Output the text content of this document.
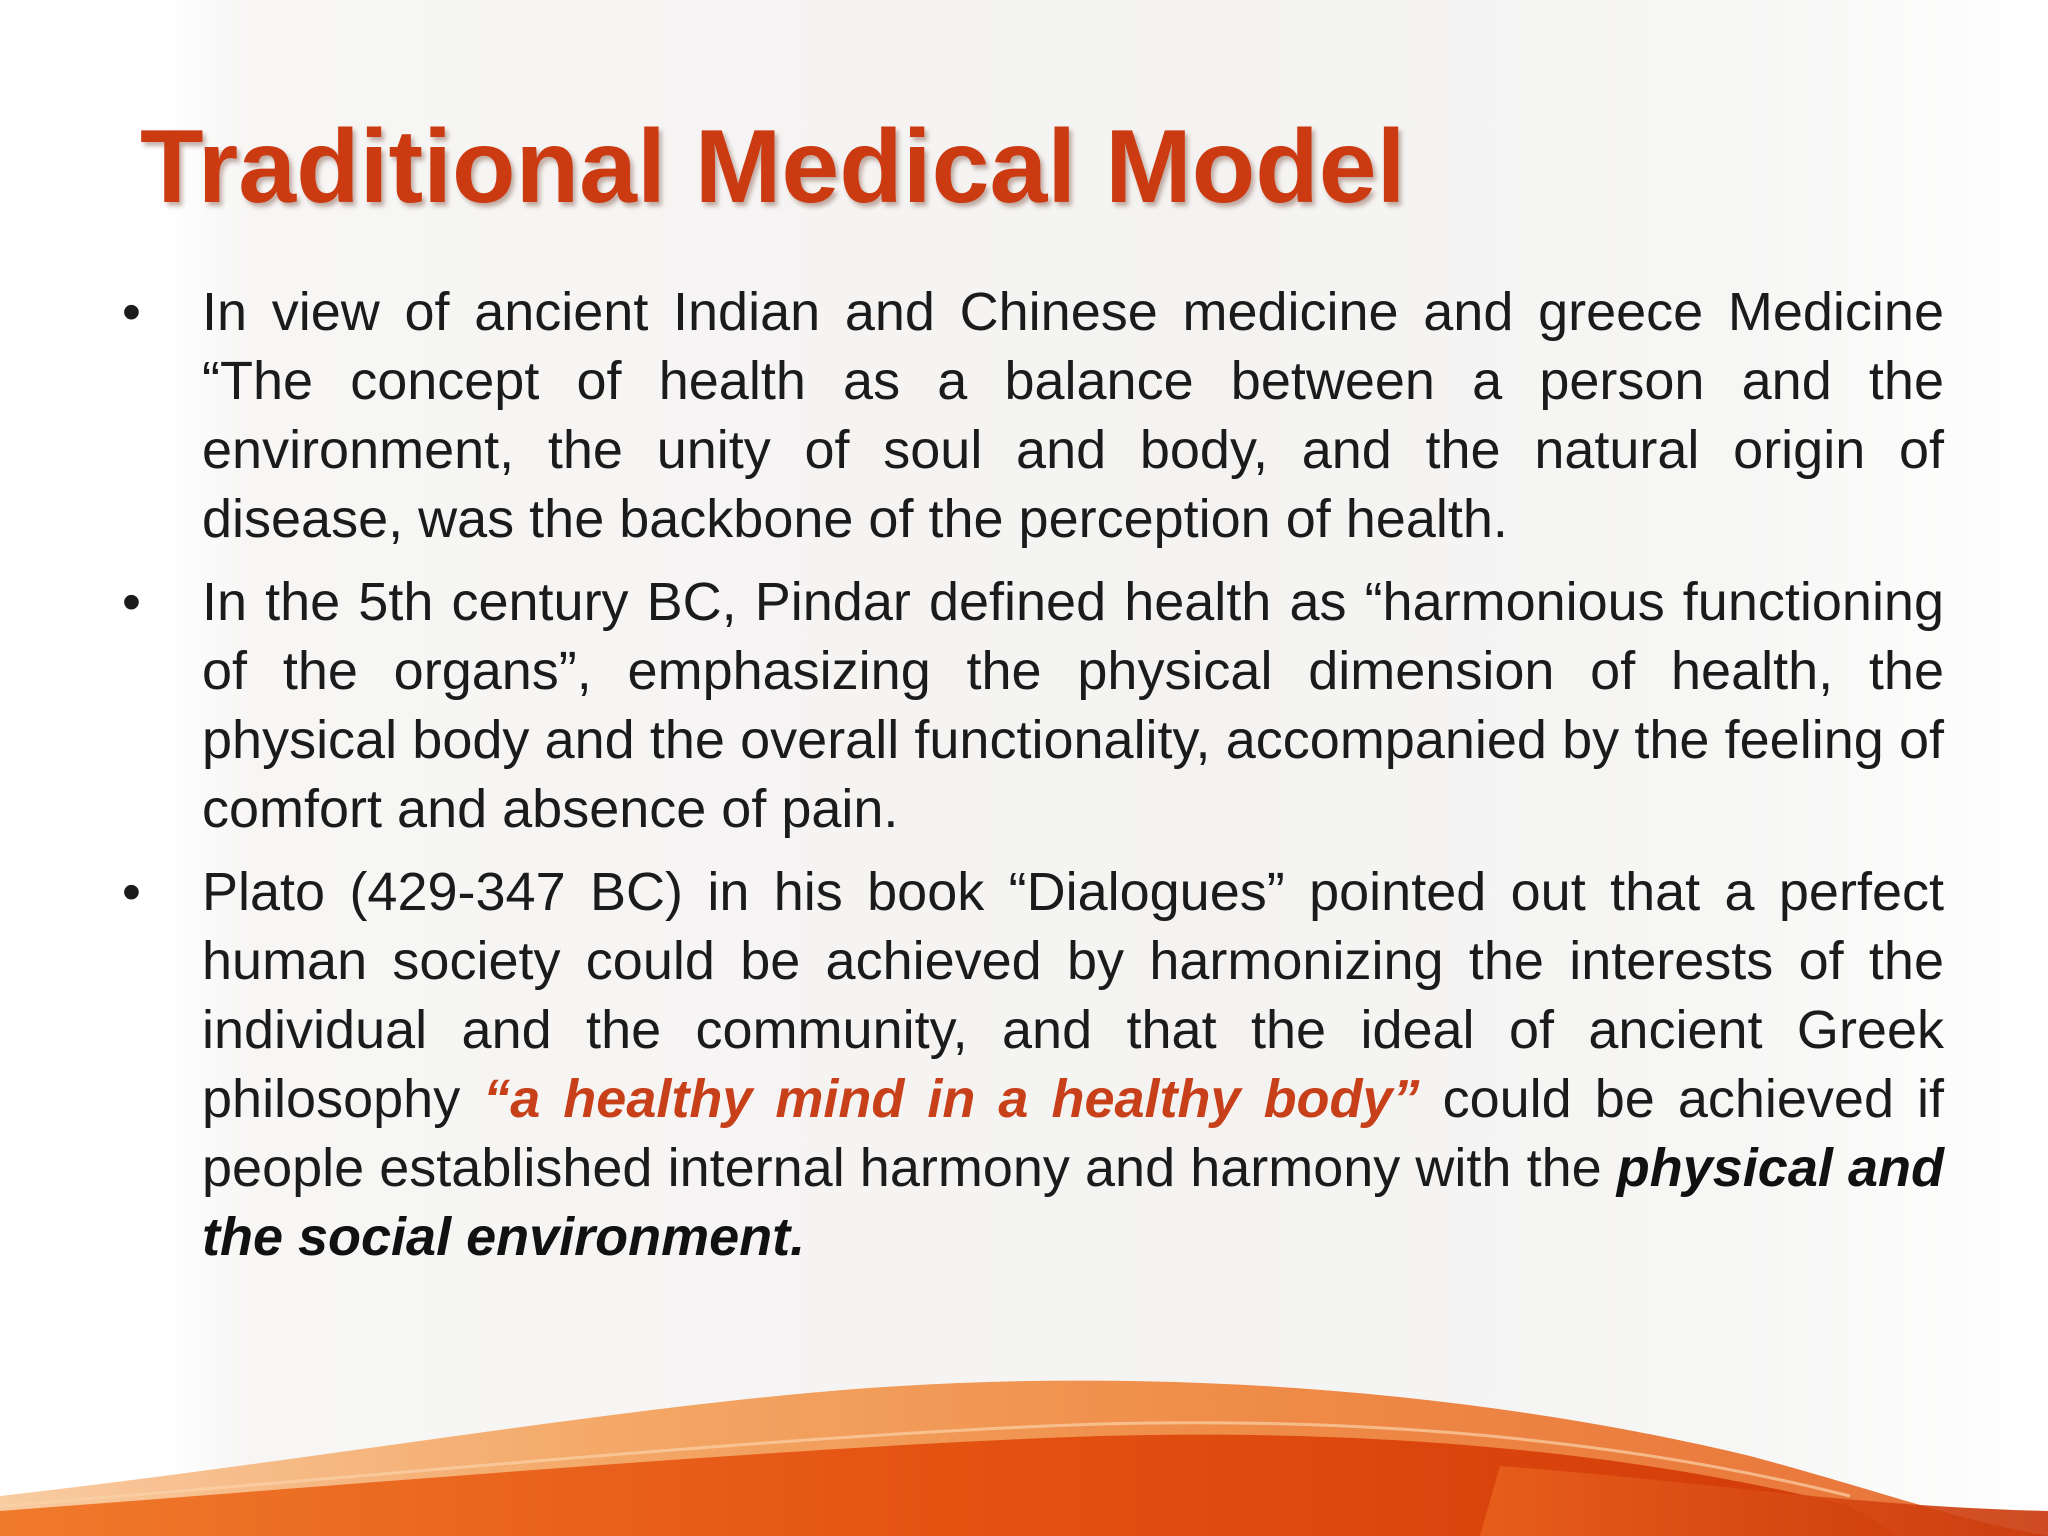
Traditional Medical Model
•	In view of ancient Indian and Chinese medicine and greece Medicine “The concept of health as a balance between a person and the environment, the unity of soul and body, and the natural origin of disease, was the backbone of the perception of health.
•	In the 5th century BC, Pindar defined health as “harmonious functioning of the organs”, emphasizing the physical dimension of health, the physical body and the overall functionality, accompanied by the feeling of comfort and absence of pain.
•	Plato (429-347 BC) in his book “Dialogues” pointed out that a perfect human society could be achieved by harmonizing the interests of the individual and the community, and that the ideal of ancient Greek philosophy “a healthy mind in a healthy body” could be achieved if people established internal harmony and harmony with the physical and the social environment.
